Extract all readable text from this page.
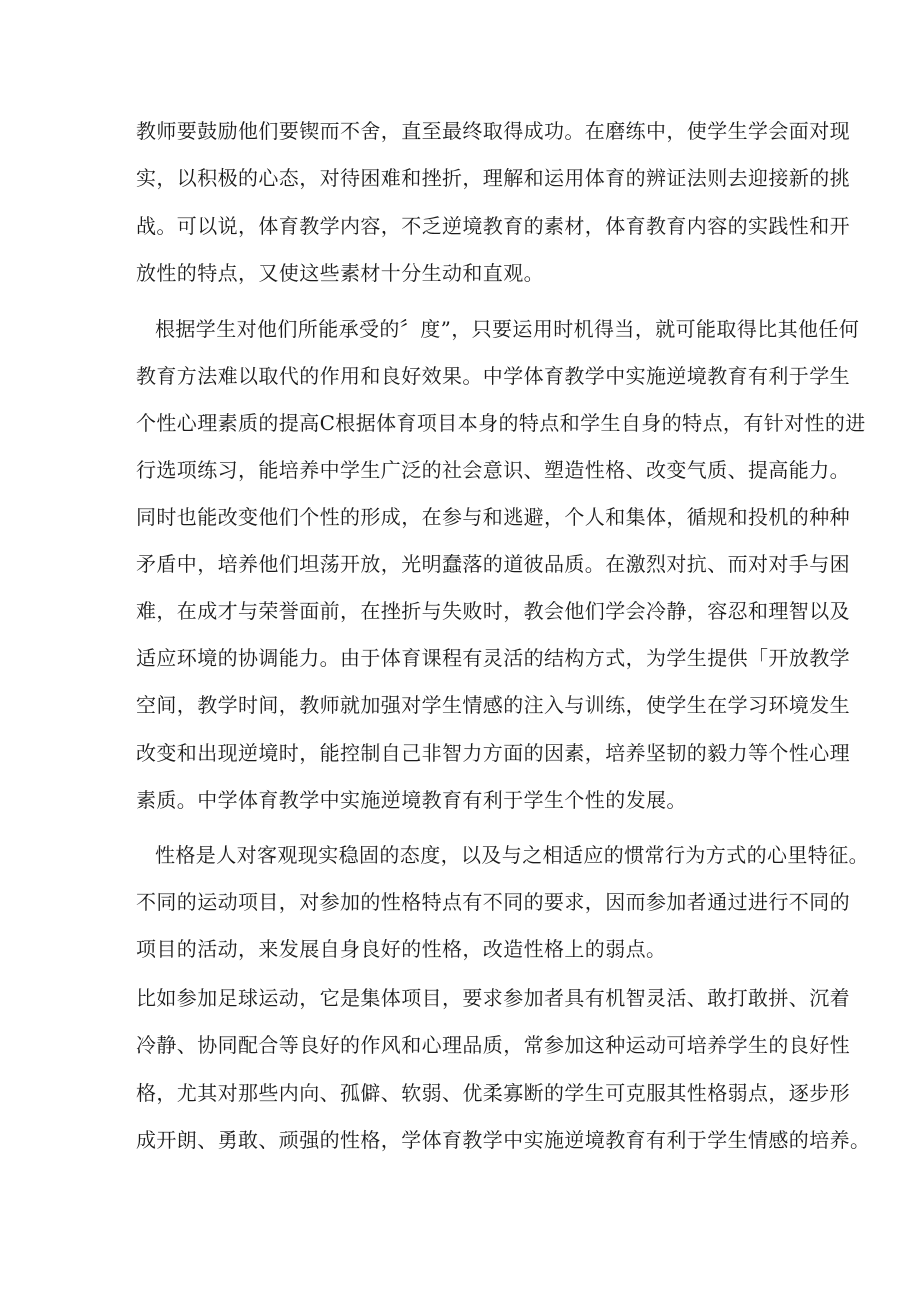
教师要鼓励他们要锲而不舍，直至最终取得成功。在磨练中，使学生学会面对现
实，以积极的心态，对待困难和挫折，理解和运用体育的辨证法则去迎接新的挑
战。可以说，体育教学内容，不乏逆境教育的素材，体育教育内容的实践性和开
放性的特点，又使这些素材十分生动和直观。
根据学生对他们所能承受的〞度”，只要运用时机得当，就可能取得比其他任何
教育方法难以取代的作用和良好效果。中学体育教学中实施逆境教育有利于学生
个性心理素质的提高C根据体育项目本身的特点和学生自身的特点，有针对性的进
行选项练习，能培养中学生广泛的社会意识、塑造性格、改变气质、提高能力。
同时也能改变他们个性的形成，在参与和逃避，个人和集体，循规和投机的种种
矛盾中，培养他们坦荡开放，光明蠢落的道彼品质。在激烈对抗、而对对手与困
难，在成才与荣誉面前，在挫折与失败时，教会他们学会冷静，容忍和理智以及
适应环境的协调能力。由于体育课程有灵活的结构方式，为学生提供「开放教学
空间，教学时间，教师就加强对学生情感的注入与训练，使学生在学习环境发生
改变和出现逆境时，能控制自己非智力方面的因素，培养坚韧的毅力等个性心理
素质。中学体育教学中实施逆境教育有利于学生个性的发展。
性格是人对客观现实稳固的态度，以及与之相适应的惯常行为方式的心里特征。
不同的运动项目，对参加的性格特点有不同的要求，因而参加者通过进行不同的
项目的活动，来发展自身良好的性格，改造性格上的弱点。
比如参加足球运动，它是集体项目，要求参加者具有机智灵活、敢打敢拼、沉着
冷静、协同配合等良好的作风和心理品质，常参加这种运动可培养学生的良好性
格，尤其对那些内向、孤僻、软弱、优柔寡断的学生可克服其性格弱点，逐步形
成开朗、勇敢、顽强的性格，学体育教学中实施逆境教育有利于学生情感的培养。
